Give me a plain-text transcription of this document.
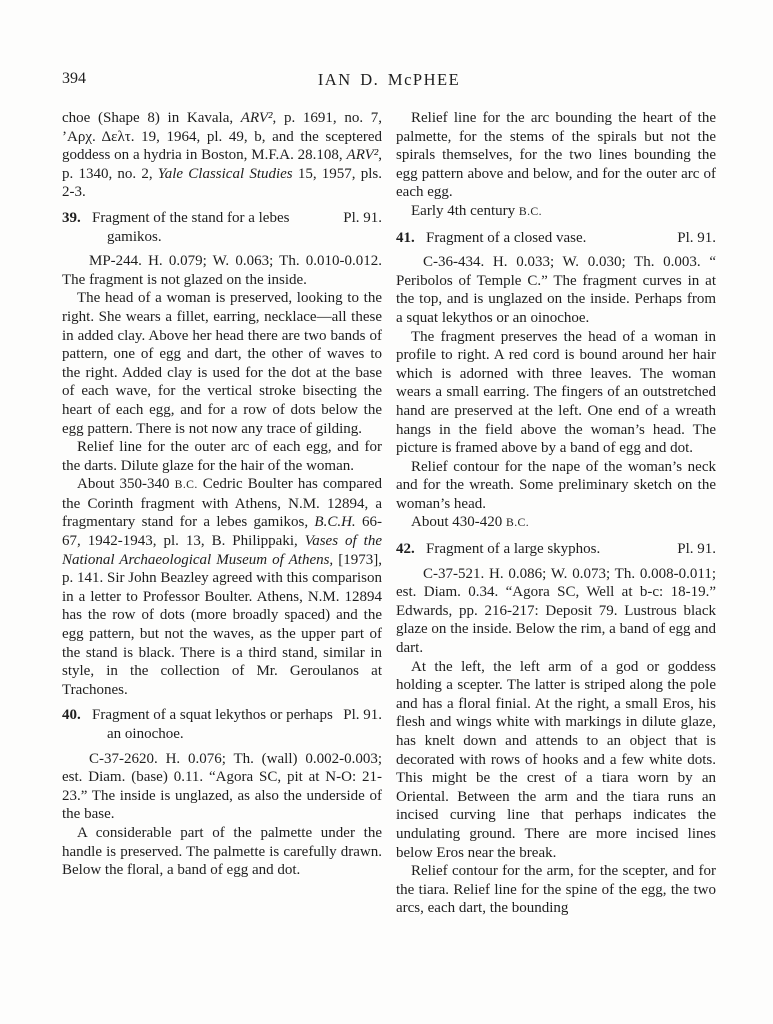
394	IAN D. McPHEE

choe (Shape 8) in Kavala, ARV², p. 1691, no. 7, ’Αρχ. Δελτ. 19, 1964, pl. 49, b, and the sceptered goddess on a hydria in Boston, M.F.A. 28.108, ARV², p. 1340, no. 2, Yale Classical Studies 15, 1957, pls. 2-3.

39. Fragment of the stand for a lebes gamikos.
Pl. 91.

MP-244. H. 0.079; W. 0.063; Th. 0.010-0.012. The fragment is not glazed on the inside.

The head of a woman is preserved, looking to the right. She wears a fillet, earring, necklace—all these in added clay. Above her head there are two bands of pattern, one of egg and dart, the other of waves to the right. Added clay is used for the dot at the base of each wave, for the vertical stroke bisecting the heart of each egg, and for a row of dots below the egg pattern. There is not now any trace of gilding.

Relief line for the outer arc of each egg, and for the darts. Dilute glaze for the hair of the woman.

About 350-340 B.C. Cedric Boulter has compared the Corinth fragment with Athens, N.M. 12894, a fragmentary stand for a lebes gamikos, B.C.H. 66-67, 1942-1943, pl. 13, B. Philippaki, Vases of the National Archaeological Museum of Athens, [1973], p. 141. Sir John Beazley agreed with this comparison in a letter to Professor Boulter. Athens, N.M. 12894 has the row of dots (more broadly spaced) and the egg pattern, but not the waves, as the upper part of the stand is black. There is a third stand, similar in style, in the collection of Mr. Geroulanos at Trachones.

40. Fragment of a squat lekythos or perhaps an oinochoe.
Pl. 91.

C-37-2620. H. 0.076; Th. (wall) 0.002-0.003; est. Diam. (base) 0.11. “Agora SC, pit at N-O: 21-23.” The inside is unglazed, as also the underside of the base.

A considerable part of the palmette under the handle is preserved. The palmette is carefully drawn. Below the floral, a band of egg and dot.

Relief line for the arc bounding the heart of the palmette, for the stems of the spirals but not the spirals themselves, for the two lines bounding the egg pattern above and below, and for the outer arc of each egg.

Early 4th century B.C.

41. Fragment of a closed vase.	Pl. 91.

C-36-434. H. 0.033; W. 0.030; Th. 0.003. “ Peribolos of Temple C.” The fragment curves in at the top, and is unglazed on the inside. Perhaps from a squat lekythos or an oinochoe.

The fragment preserves the head of a woman in profile to right. A red cord is bound around her hair which is adorned with three leaves. The woman wears a small earring. The fingers of an outstretched hand are preserved at the left. One end of a wreath hangs in the field above the woman’s head. The picture is framed above by a band of egg and dot.

Relief contour for the nape of the woman’s neck and for the wreath. Some preliminary sketch on the woman’s head.

About 430-420 B.C.

42. Fragment of a large skyphos.	Pl. 91.

C-37-521. H. 0.086; W. 0.073; Th. 0.008-0.011; est. Diam. 0.34. “Agora SC, Well at b-c: 18-19.” Edwards, pp. 216-217: Deposit 79. Lustrous black glaze on the inside. Below the rim, a band of egg and dart.

At the left, the left arm of a god or goddess holding a scepter. The latter is striped along the pole and has a floral finial. At the right, a small Eros, his flesh and wings white with markings in dilute glaze, has knelt down and attends to an object that is decorated with rows of hooks and a few white dots. This might be the crest of a tiara worn by an Oriental. Between the arm and the tiara runs an incised curving line that perhaps indicates the undulating ground. There are more incised lines below Eros near the break.

Relief contour for the arm, for the scepter, and for the tiara. Relief line for the spine of the egg, the two arcs, each dart, the bounding
